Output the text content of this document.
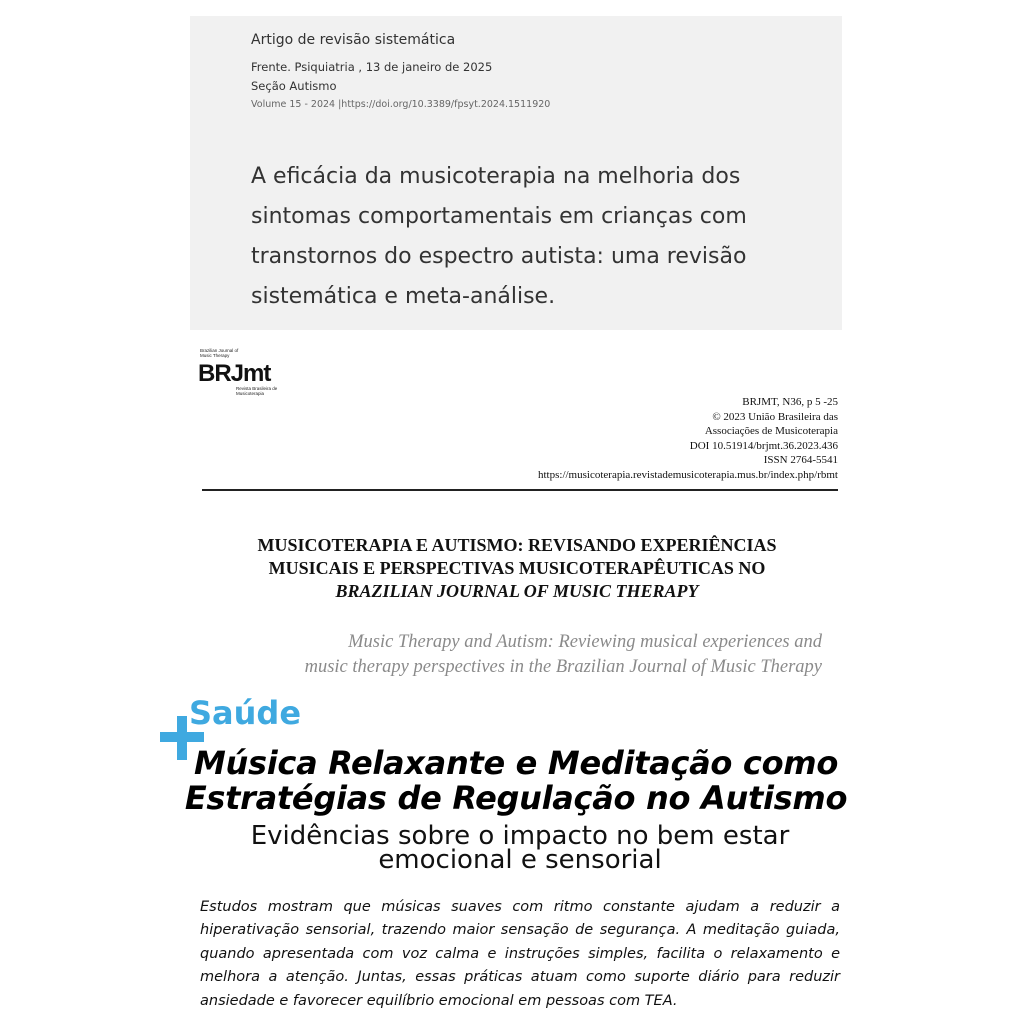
Artigo de revisão sistemática
Frente. Psiquiatria , 13 de janeiro de 2025
Seção Autismo
Volume 15 - 2024 |https://doi.org/10.3389/fpsyt.2024.1511920
A eficácia da musicoterapia na melhoria dos sintomas comportamentais em crianças com transtornos do espectro autista: uma revisão sistemática e meta-análise.
Brazilian Journal of Music Therapy
BRJmt
Revista Brasileira de Musicoterapia
BRJMT, N36, p 5 -25
© 2023 União Brasileira das
Associações de Musicoterapia
DOI 10.51914/brjmt.36.2023.436
ISSN 2764-5541
https://musicoterapia.revistademusicoterapia.mus.br/index.php/rbmt
MUSICOTERAPIA E AUTISMO: REVISANDO EXPERIÊNCIAS
MUSICAIS E PERSPECTIVAS MUSICOTERAPÊUTICAS NO
BRAZILIAN JOURNAL OF MUSIC THERAPY
Music Therapy and Autism: Reviewing musical experiences and
music therapy perspectives in the Brazilian Journal of Music Therapy
Saúde
Música Relaxante e Meditação como
Estratégias de Regulação no Autismo
Evidências sobre o impacto no bem estar
emocional e sensorial

Estudos mostram que músicas suaves com ritmo constante ajudam a reduzir a hiperativação sensorial, trazendo maior sensação de segurança. A meditação guiada, quando apresentada com voz calma e instruções simples, facilita o relaxamento e melhora a atenção. Juntas, essas práticas atuam como suporte diário para reduzir ansiedade e favorecer equilíbrio emocional em pessoas com TEA.
